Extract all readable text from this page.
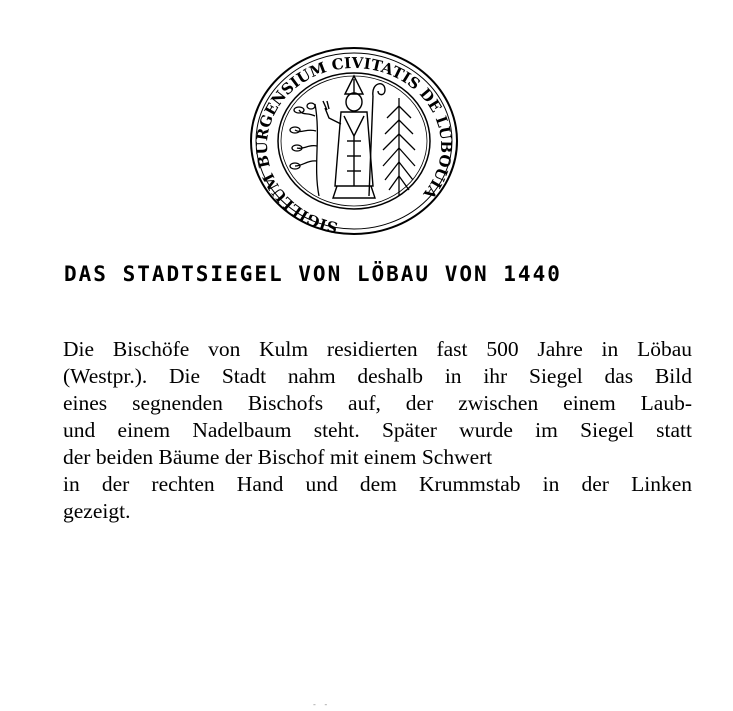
SIGILLUM BURGENSIUM CIVITATIS DE LUBOUIA
DAS STADTSIEGEL VON LÖBAU VON 1440
Die Bischöfe von Kulm residierten fast 500 Jahre in Löbau
(Westpr.). Die Stadt nahm deshalb in ihr Siegel das Bild
eines segnenden Bischofs auf, der zwischen einem Laub-
und einem Nadelbaum steht. Später wurde im Siegel statt
der beiden Bäume der Bischof mit einem Schwert
in der rechten Hand und dem Krummstab in der Linken
gezeigt.
- -
